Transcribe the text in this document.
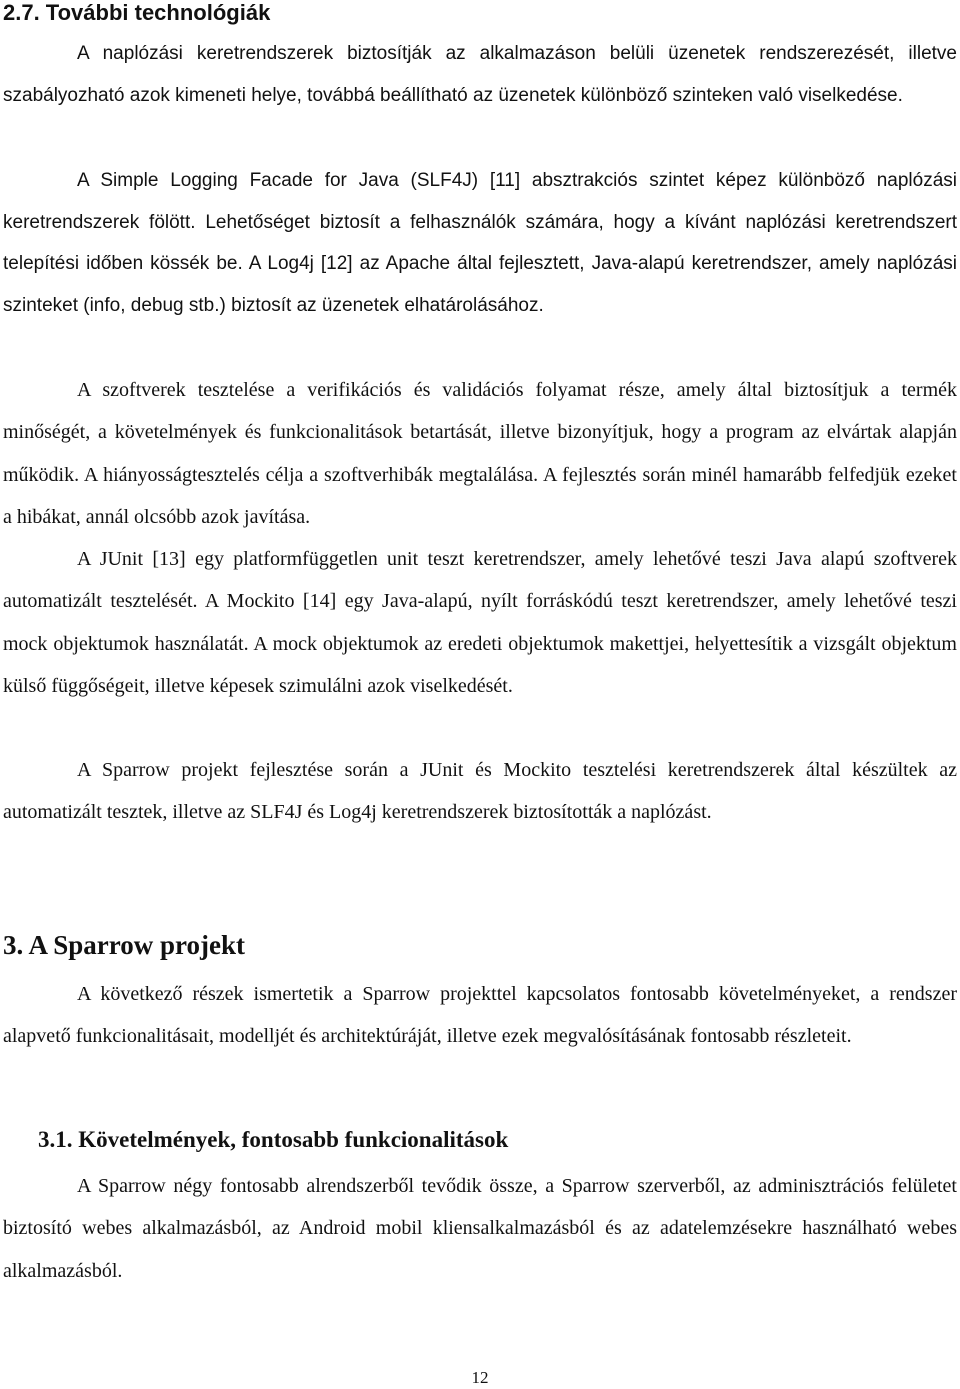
2.7. További technológiák

A naplózási keretrendszerek biztosítják az alkalmazáson belüli üzenetek rendszerezését, illetve szabályozható azok kimeneti helye, továbbá beállítható az üzenetek különböző szinteken való viselkedése.

A Simple Logging Facade for Java (SLF4J) [11] absztrakciós szintet képez különböző naplózási keretrendszerek fölött. Lehetőséget biztosít a felhasználók számára, hogy a kívánt naplózási keretrendszert telepítési időben kössék be. A Log4j [12] az Apache által fejlesztett, Java-alapú keretrendszer, amely naplózási szinteket (info, debug stb.) biztosít az üzenetek elhatárolásához.

A szoftverek tesztelése a verifikációs és validációs folyamat része, amely által biztosítjuk a termék minőségét, a követelmények és funkcionalitások betartását, illetve bizonyítjuk, hogy a program az elvártak alapján működik. A hiányosságtesztelés célja a szoftverhibák megtalálása. A fejlesztés során minél hamarább felfedjük ezeket a hibákat, annál olcsóbb azok javítása.

A JUnit [13] egy platformfüggetlen unit teszt keretrendszer, amely lehetővé teszi Java alapú szoftverek automatizált tesztelését. A Mockito [14] egy Java-alapú, nyílt forráskódú teszt keretrendszer, amely lehetővé teszi mock objektumok használatát. A mock objektumok az eredeti objektumok makettjei, helyettesítik a vizsgált objektum külső függőségeit, illetve képesek szimulálni azok viselkedését.

A Sparrow projekt fejlesztése során a JUnit és Mockito tesztelési keretrendszerek által készültek az automatizált tesztek, illetve az SLF4J és Log4j keretrendszerek biztosították a naplózást.

3. A Sparrow projekt

A következő részek ismertetik a Sparrow projekttel kapcsolatos fontosabb követelményeket, a rendszer alapvető funkcionalitásait, modelljét és architektúráját, illetve ezek megvalósításának fontosabb részleteit.

3.1. Követelmények, fontosabb funkcionalitások

A Sparrow négy fontosabb alrendszerből tevődik össze, a Sparrow szerverből, az adminisztrációs felületet biztosító webes alkalmazásból, az Android mobil kliensalkalmazásból és az adatelemzésekre használható webes alkalmazásból.

12
